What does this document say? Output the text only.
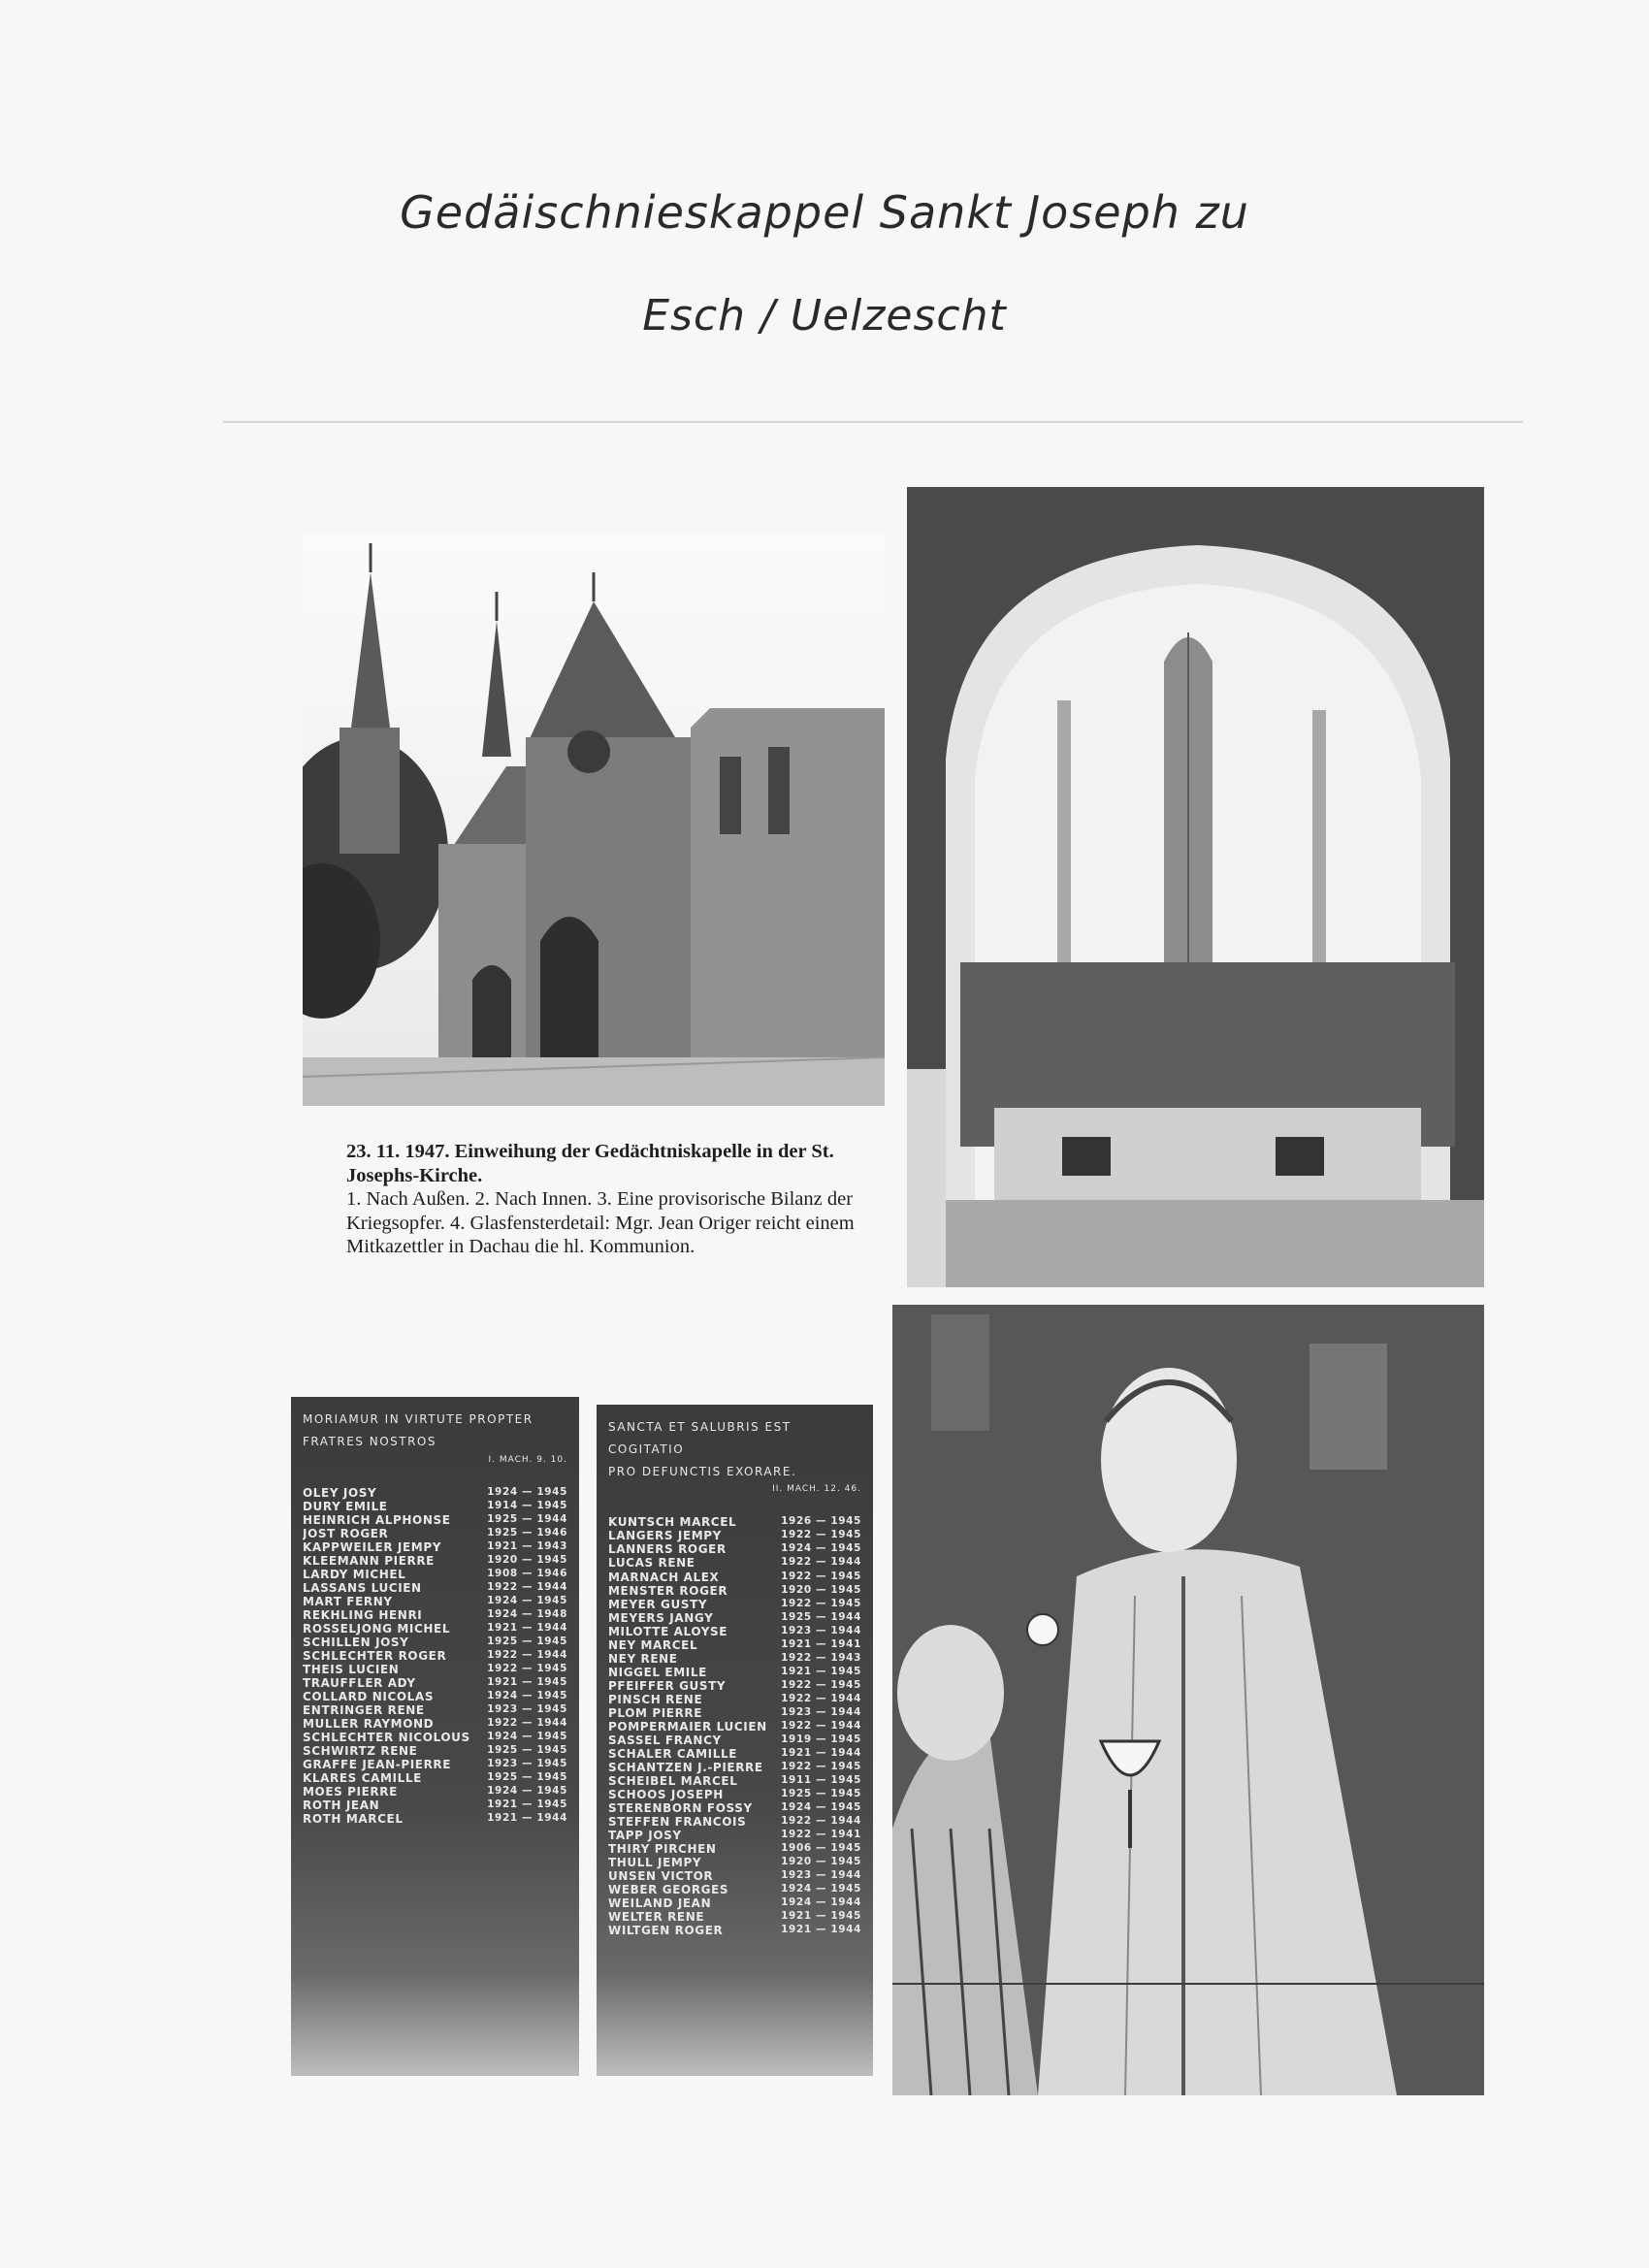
Gedäischnieskappel Sankt Joseph zu
Esch / Uelzescht

23. 11. 1947. Einweihung der Gedächtniskapelle in der St. Josephs-Kirche.

1. Nach Außen. 2. Nach Innen. 3. Eine provisorische Bilanz der Kriegsopfer. 4. Glasfensterdetail: Mgr. Jean Origer reicht einem Mitkazettler in Dachau die hl. Kommunion.

MORIAMUR IN VIRTUTE PROPTER
FRATRES NOSTROS
I. MACH. 9. 10.
OLEY JOSY	1924 — 1945
DURY EMILE	1914 — 1945
HEINRICH ALPHONSE	1925 — 1944
JOST ROGER	1925 — 1946
KAPPWEILER JEMPY	1921 — 1943
KLEEMANN PIERRE	1920 — 1945
LARDY MICHEL	1908 — 1946
LASSANS LUCIEN	1922 — 1944
MART FERNY	1924 — 1945
REKHLING HENRI	1924 — 1948
ROSSELJONG MICHEL	1921 — 1944
SCHILLEN JOSY	1925 — 1945
SCHLECHTER ROGER	1922 — 1944
THEIS LUCIEN	1922 — 1945
TRAUFFLER ADY	1921 — 1945
COLLARD NICOLAS	1924 — 1945
ENTRINGER RENE	1923 — 1945
MULLER RAYMOND	1922 — 1944
SCHLECHTER NICOLOUS	1924 — 1945
SCHWIRTZ RENE	1925 — 1945
GRAFFE JEAN-PIERRE	1923 — 1945
KLARES CAMILLE	1925 — 1945
MOES PIERRE	1924 — 1945
ROTH JEAN	1921 — 1945
ROTH MARCEL	1921 — 1944
SANCTA ET SALUBRIS EST COGITATIO
PRO DEFUNCTIS EXORARE.
II. MACH. 12. 46.
KUNTSCH MARCEL	1926 — 1945
LANGERS JEMPY	1922 — 1945
LANNERS ROGER	1924 — 1945
LUCAS RENE	1922 — 1944
MARNACH ALEX	1922 — 1945
MENSTER ROGER	1920 — 1945
MEYER GUSTY	1922 — 1945
MEYERS JANGY	1925 — 1944
MILOTTE ALOYSE	1923 — 1944
NEY MARCEL	1921 — 1941
NEY RENE	1922 — 1943
NIGGEL EMILE	1921 — 1945
PFEIFFER GUSTY	1922 — 1945
PINSCH RENE	1922 — 1944
PLOM PIERRE	1923 — 1944
POMPERMAIER LUCIEN	1922 — 1944
SASSEL FRANCY	1919 — 1945
SCHALER CAMILLE	1921 — 1944
SCHANTZEN J.-PIERRE	1922 — 1945
SCHEIBEL MARCEL	1911 — 1945
SCHOOS JOSEPH	1925 — 1945
STERENBORN FOSSY	1924 — 1945
STEFFEN FRANCOIS	1922 — 1944
TAPP JOSY	1922 — 1941
THIRY PIRCHEN	1906 — 1945
THULL JEMPY	1920 — 1945
UNSEN VICTOR	1923 — 1944
WEBER GEORGES	1924 — 1945
WEILAND JEAN	1924 — 1944
WELTER RENE	1921 — 1945
WILTGEN ROGER	1921 — 1944
